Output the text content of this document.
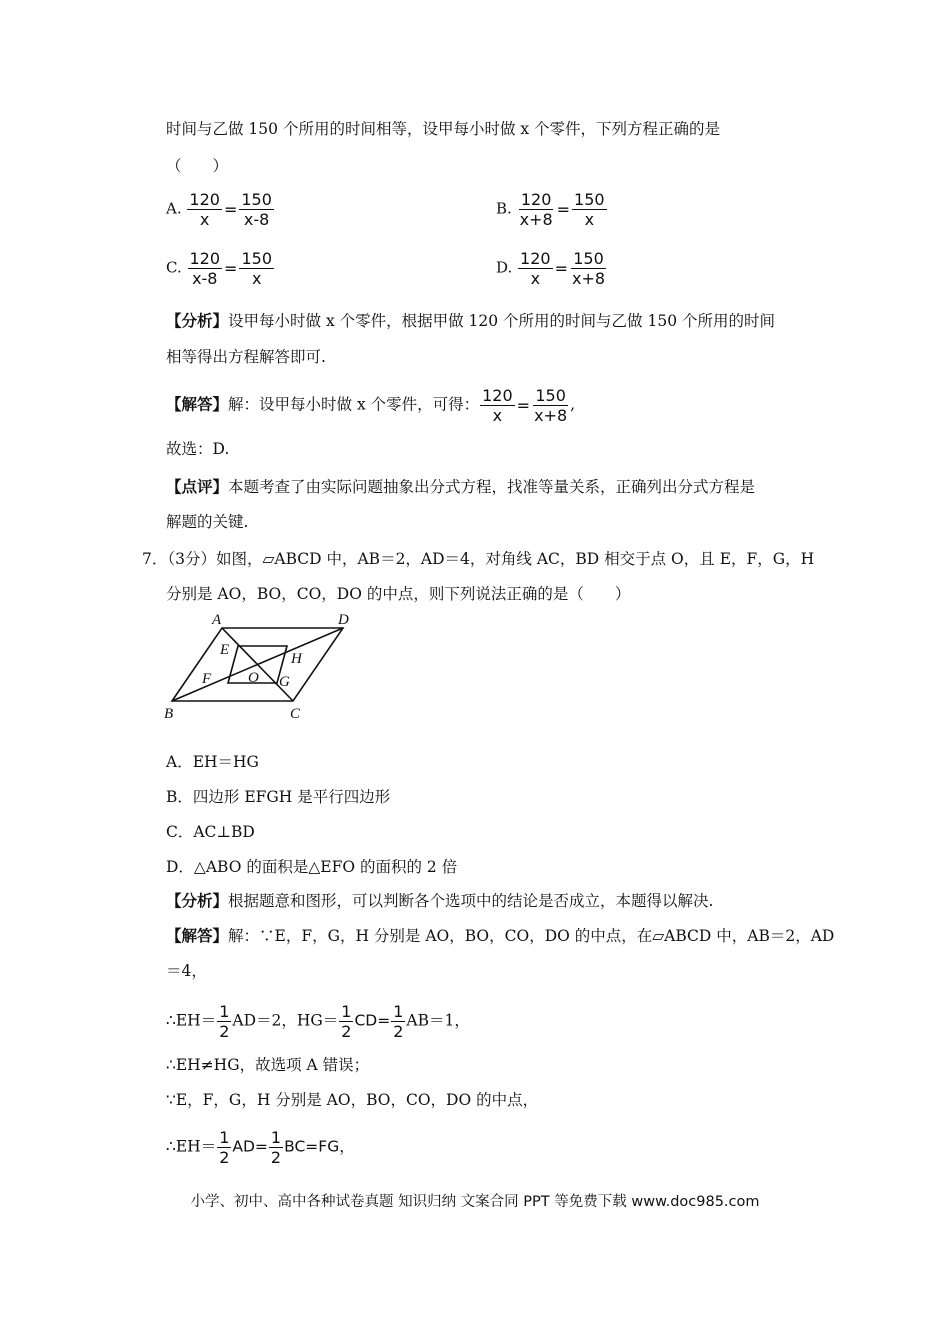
时间与乙做 150 个所用的时间相等，设甲每小时做 x 个零件，下列方程正确的是
（　　）
A. $\frac{120}{x} = \frac{150}{x-8}$	B. $\frac{120}{x+8} = \frac{150}{x}$
C. $\frac{120}{x-8} = \frac{150}{x}$	D. $\frac{120}{x} = \frac{150}{x+8}$
【分析】设甲每小时做 x 个零件，根据甲做 120 个所用的时间与乙做 150 个所用的时间
相等得出方程解答即可.
【解答】解：设甲每小时做 x 个零件，可得： $\frac{120}{x} = \frac{150}{x+8}$ ,
故选：D.
【点评】本题考查了由实际问题抽象出分式方程，找准等量关系，正确列出分式方程是
解题的关键.
7．（3分）如图，▱ABCD 中，AB＝2，AD＝4，对角线 AC，BD 相交于点 O，且 E，F，G，H
分别是 AO，BO，CO，DO 的中点，则下列说法正确的是（　　）
A	D
B	C
E
H
F O G
A．EH＝HG
B．四边形 EFGH 是平行四边形
C．AC⊥BD
D．△ABO 的面积是△EFO 的面积的 2 倍
【分析】根据题意和图形，可以判断各个选项中的结论是否成立，本题得以解决.
【解答】解：∵E，F，G，H 分别是 AO，BO，CO，DO 的中点，在▱ABCD 中，AB＝2，AD
＝4，
∴EH＝ $\frac{1}{2} AD=2$，$HG= \frac{1}{2} CD= \frac{1}{2} AB=1$，
∴EH≠HG，故选项 A 错误；
∵E，F，G，H 分别是 AO，BO，CO，DO 的中点，
∴EH＝ $\frac{1}{2} AD= \frac{1}{2} BC=FG$，
小学、初中、高中各种试卷真题 知识归纳 文案合同 PPT 等免费下载 www.doc985.com
